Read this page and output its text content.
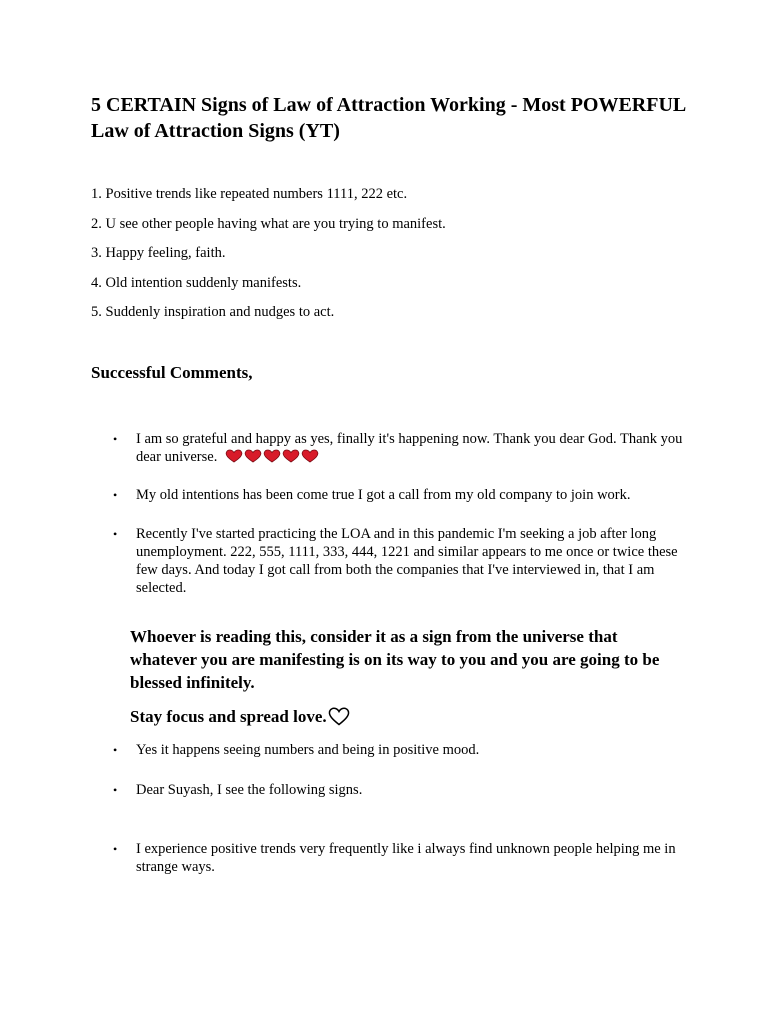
5 CERTAIN Signs of Law of Attraction Working - Most POWERFUL Law of Attraction Signs (YT)
1. Positive trends like repeated numbers 1111, 222 etc.
2. U see other people having what are you trying to manifest.
3. Happy feeling, faith.
4. Old intention suddenly manifests.
5. Suddenly inspiration and nudges to act.
Successful Comments,
• I am so grateful and happy as yes, finally it's happening now. Thank you dear God. Thank you dear universe.
• My old intentions has been come true I got a call from my old company to join work.
• Recently I've started practicing the LOA and in this pandemic I'm seeking a job after long unemployment. 222, 555, 1111, 333, 444, 1221 and similar appears to me once or twice these few days. And today I got call from both the companies that I've interviewed in, that I am selected.

Whoever is reading this, consider it as a sign from the universe that whatever you are manifesting is on its way to you and you are going to be blessed infinitely.

Stay focus and spread love.

• Yes it happens seeing numbers and being in positive mood.
• Dear Suyash, I see the following signs.
• I experience positive trends very frequently like i always find unknown people helping me in strange ways.
